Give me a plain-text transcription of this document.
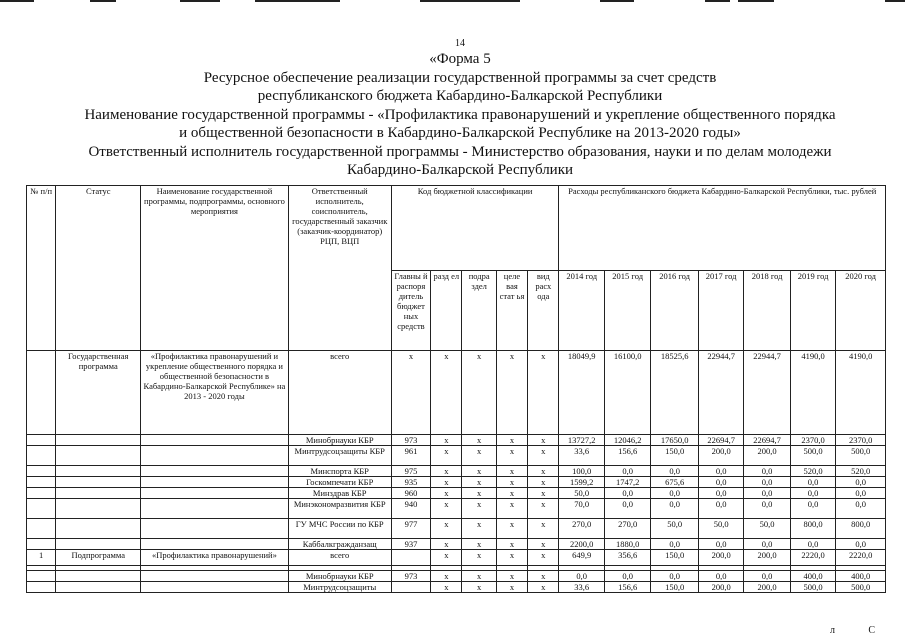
14
«Форма 5
Ресурсное обеспечение реализации государственной программы за счет средств
республиканского бюджета Кабардино-Балкарской Республики
Наименование государственной программы - «Профилактика правонарушений и укрепление общественного порядка
и общественной безопасности в Кабардино-Балкарской Республике на 2013-2020 годы»
Ответственный исполнитель государственной программы - Министерство образования, науки и по делам молодежи
Кабардино-Балкарской Республики
№ п/п	Статус	Наименование государственной программы, подпрограммы, основного мероприятия	Ответственный исполнитель, соисполнитель, государственный заказчик (заказчик-координатор) РЦП, ВЦП	Код бюджетной классификации					Расходы республиканского бюджета Кабардино-Балкарской Республики, тыс. рублей						
				Главны й распоря дитель бюджет ных средств	разд ел	подра здел	целе вая стат ья	вид расх ода	2014 год	2015 год	2016 год	2017 год	2018 год	2019 год	2020 год
	Государственная программа	«Профилактика правонарушений и укрепление общественного порядка и общественной безопасности в Кабардино-Балкарской Республике» на 2013 - 2020 годы	всего	x	x	x	x	x	18049,9	16100,0	18525,6	22944,7	22944,7	4190,0	4190,0
			Минобрнауки КБР	973	x	x	x	x	13727,2	12046,2	17650,0	22694,7	22694,7	2370,0	2370,0
			Минтрудсоцзащиты КБР	961	x	x	x	x	33,6	156,6	150,0	200,0	200,0	500,0	500,0
			Минспорта КБР	975	x	x	x	x	100,0	0,0	0,0	0,0	0,0	520,0	520,0
			Госкомпечати КБР	935	x	x	x	x	1599,2	1747,2	675,6	0,0	0,0	0,0	0,0
			Минздрав КБР	960	x	x	x	x	50,0	0,0	0,0	0,0	0,0	0,0	0,0
			Минэкономразвития КБР	940	x	x	x	x	70,0	0,0	0,0	0,0	0,0	0,0	0,0
			ГУ МЧС России по КБР	977	x	x	x	x	270,0	270,0	50,0	50,0	50,0	800,0	800,0
			Каббалкгражданзащ	937	x	x	x	x	2200,0	1880,0	0,0	0,0	0,0	0,0	0,0
1	Подпрограмма	«Профилактика правонарушений»	всего		x	x	x	x	649,9	356,6	150,0	200,0	200,0	2220,0	2220,0

			Минобрнауки КБР	973	x	x	x	x	0,0	0,0	0,0	0,0	0,0	400,0	400,0
			Минтрудсоцзащиты		x	x	x	x	33,6	156,6	150,0	200,0	200,0	500,0	500,0
л	С
